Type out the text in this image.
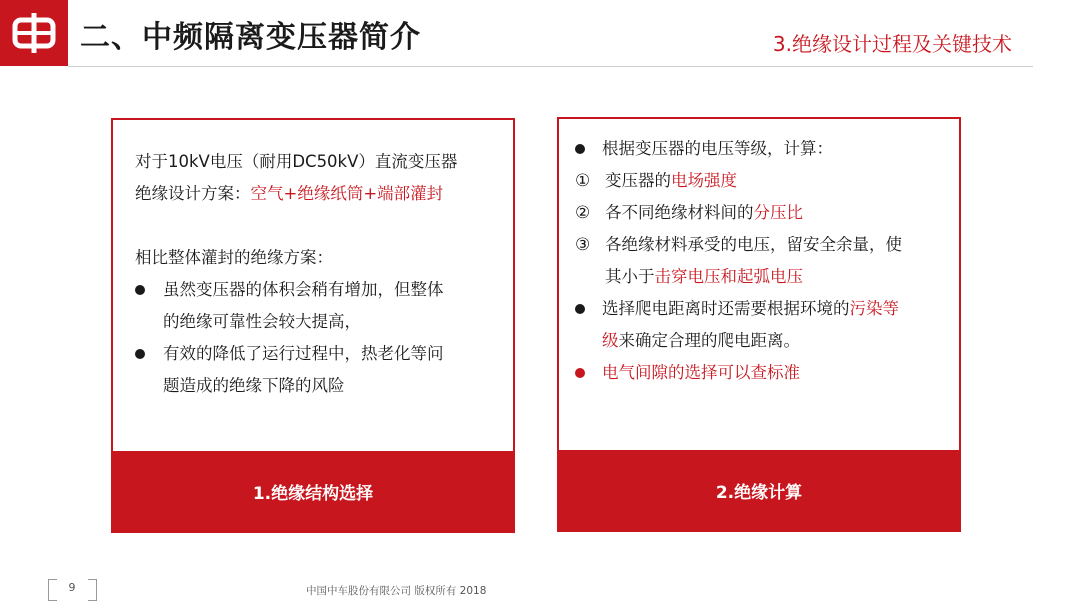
二、中频隔离变压器简介	3.绝缘设计过程及关键技术
对于10kV电压（耐用DC50kV）直流变压器
绝缘设计方案：空气+绝缘纸筒+端部灌封
相比整体灌封的绝缘方案：
虽然变压器的体积会稍有增加，但整体
的绝缘可靠性会较大提高，
有效的降低了运行过程中，热老化等问
题造成的绝缘下降的风险
1.绝缘结构选择
根据变压器的电压等级，计算：
① 变压器的电场强度
② 各不同绝缘材料间的分压比
③ 各绝缘材料承受的电压，留安全余量，使
其小于击穿电压和起弧电压
选择爬电距离时还需要根据环境的污染等
级来确定合理的爬电距离。
电气间隙的选择可以查标准
2.绝缘计算
9	中国中车股份有限公司 版权所有 2018
